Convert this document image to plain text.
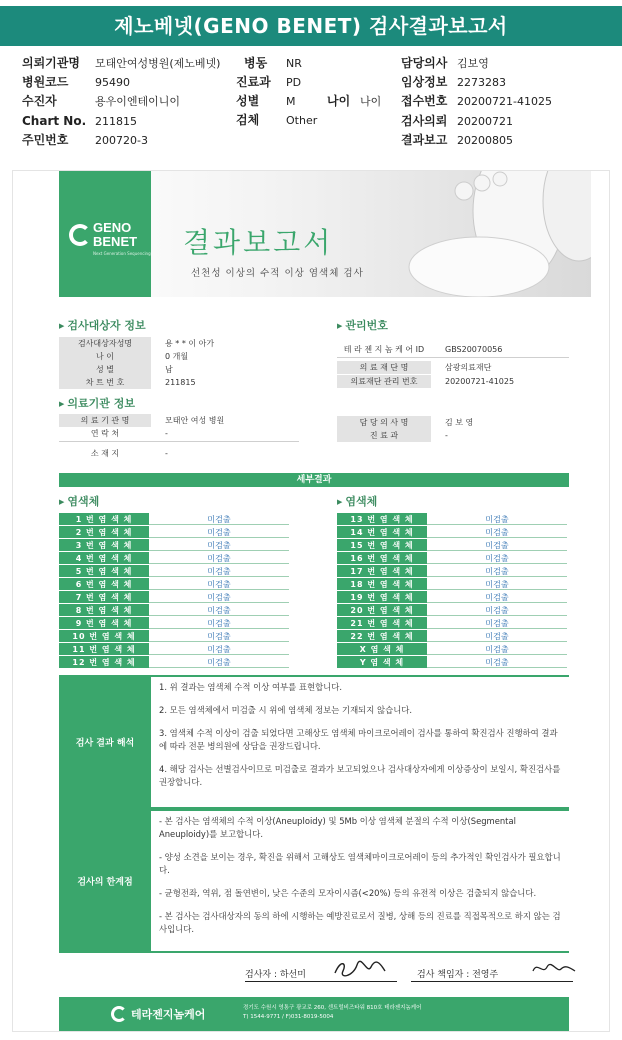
제노베넷(GENO BENET) 검사결과보고서
의뢰기관명 모태안여성병원(제노베넷)
병원코드 95490
수진자	용우이엔테이니이
Chart No. 211815
주민번호 200720-3
병동 NR
진료과 PD
성별 M
검체 Other
나이 나이
담당의사 김보영
임상정보 2273283
접수번호 20200721-41025
검사의뢰 20200721
결과보고 20200805
GENO
BENET
Next Generation Sequencing 결과보고서
선천성 이상의 수적 이상 염색체 검사
▶ 검사대상자 정보
검사대상자성명	용 * * 이 아가
나 이	0 개월
성 별	남
차 트 번 호	211815
▶ 관리번호
테 라 젠 지 놈 케 어 ID	GBS20070056
의 료 재 단 명	삼광의료재단
의료재단 관리 번호	20200721-41025
▶ 의료기관 정보
의 료 기 관 명	모태안 여성 병원
연 락 처	-
소 재 지	-
담 당 의 사 명	김 보 영
진 료 과	-
세부결과
▶ 염색체
▶	염색체
1 번 염 색 체	미검출
2 번 염 색 체	미검출
3 번 염 색 체	미검출
4 번 염 색 체	미검출
5 번 염 색 체	미검출
6 번 염 색 체	미검출
7 번 염 색 체	미검출
8 번 염 색 체	미검출
9 번 염 색 체	미검출
10 번 염 색 체	미검출
11 번 염 색 체	미검출
12 번 염 색 체	미검출
13 번 염 색 체	미검출
14 번 염 색 체	미검출
15 번 염 색 체	미검출
16 번 염 색 체	미검출
17 번 염 색 체	미검출
18 번 염 색 체	미검출
19 번 염 색 체	미검출
20 번 염 색 체	미검출
21 번 염 색 체	미검출
22 번 염 색 체	미검출
X 염 색 체	미검출
Y 염 색 체	미검출
검사 결과 해석

1. 위 결과는 염색체 수적 이상 여부를 표현합니다.

2. 모든 염색체에서 미검출 시 위에 염색체 정보는 기재되지 않습니다.

3. 염색체 수적 이상이 검출 되었다면 고해상도 염색체 마이크로어레이 검사를 통하여 확진검사 진행하여 결과에 따라 전문 병의원에 상담을 권장드립니다.

4. 해당 검사는 선별검사이므로 미검출로 결과가 보고되었으나 검사대상자에게 이상증상이 보일시, 확진검사를 권장합니다.

검사의 한계점

- 본 검사는 염색체의 수적 이상(Aneuploidy) 및 5Mb 이상 염색체 분절의 수적 이상(Segmental Aneuploidy)를 보고합니다.

- 양성 소견을 보이는 경우, 확진을 위해서 고해상도 염색체마이크로어레이 등의 추가적인 확인검사가 필요합니다.

- 균형전좌, 역위, 점 돌연변이, 낮은 수준의 모자이시즘(<20%) 등의 유전적 이상은 검출되지 않습니다.

- 본 검사는 검사대상자의 동의 하에 시행하는 예방진료로서 질병, 상해 등의 진료를 직접목적으로 하지 않는 검사입니다.

검사자 : 하선미	검사 책임자 : 전영주
테라젠지놈케어	경기도 수원시 영통구 광교로 260, 센트럴비즈타워 810호 테라젠지놈케어
T) 1544-9771 / F)031-8019-5004
